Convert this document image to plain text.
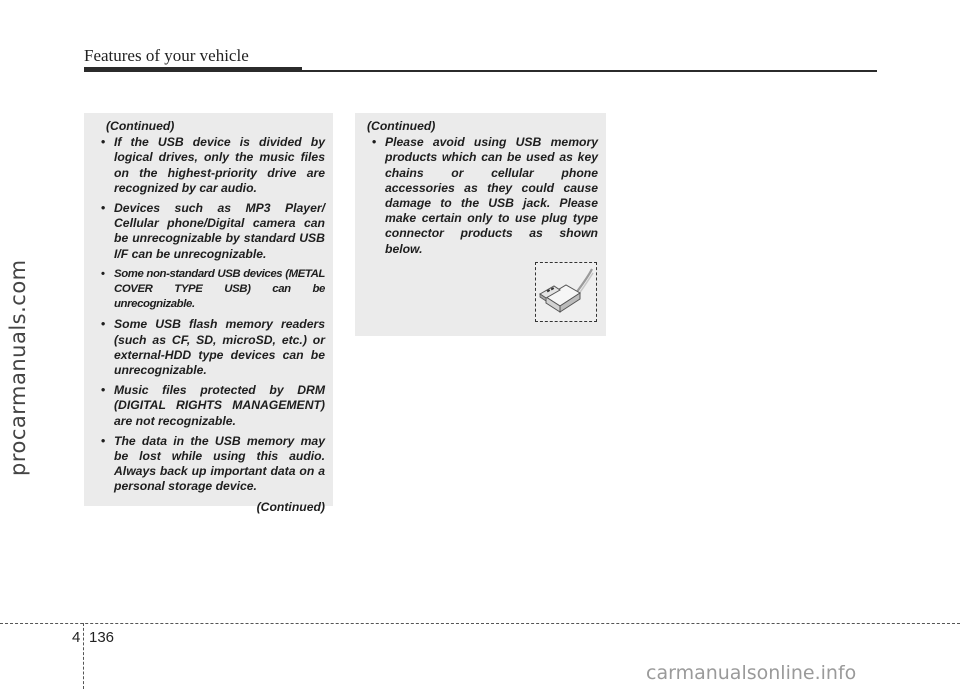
Features of your vehicle
procarmanuals.com
(Continued)
• If the USB device is divided by logical drives, only the music files on the highest-priority drive are recognized by car audio.
• Devices such as MP3 Player/ Cellular phone/Digital camera can be unrecognizable by standard USB I/F can be unrecognizable.
• Some non-standard USB devices (METAL COVER TYPE USB) can be unrecognizable.
• Some USB flash memory readers (such as CF, SD, microSD, etc.) or external-HDD type devices can be unrecognizable.
• Music files protected by DRM (DIGITAL RIGHTS MANAGEMENT) are not recognizable.
• The data in the USB memory may be lost while using this audio. Always back up important data on a personal storage device.
(Continued)
(Continued)
• Please avoid using USB memory products which can be used as key chains or cellular phone accessories as they could cause damage to the USB jack. Please make certain only to use plug type connector products as shown below.
4 136
carmanualsonline.info
